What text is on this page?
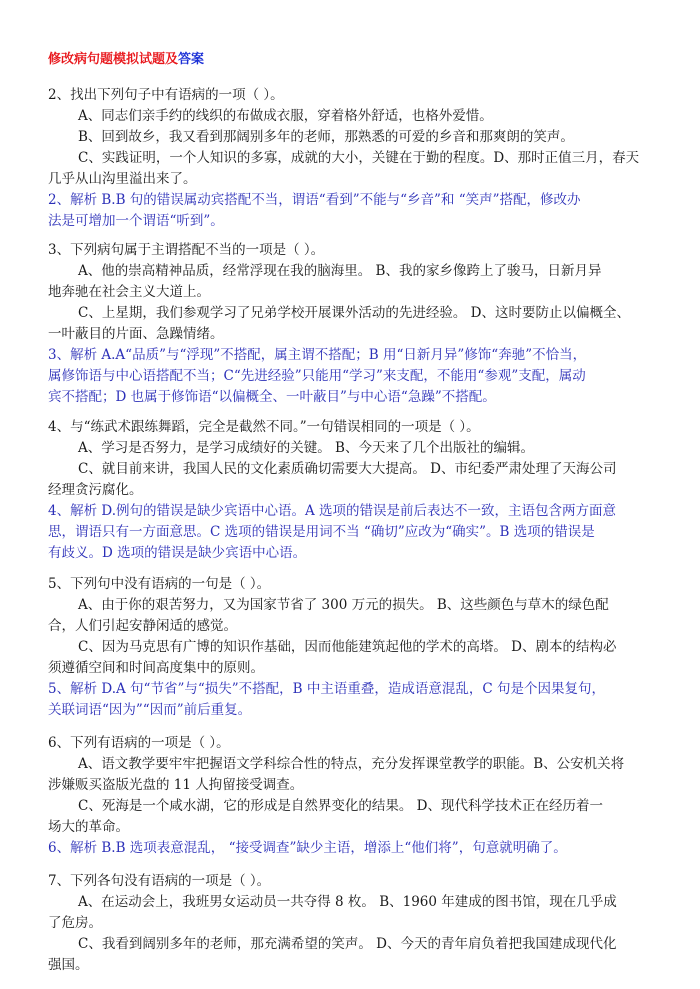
修改病句题模拟试题及答案
2、找出下列句子中有语病的一项（ ）。
A、同志们亲手约的线织的布做成衣服，穿着格外舒适，也格外爱惜。
B、回到故乡，我又看到那阔别多年的老师，那熟悉的可爱的乡音和那爽朗的笑声。
C、实践证明，一个人知识的多寡，成就的大小，关键在于勤的程度。D、那时正值三月，春天
几乎从山沟里溢出来了。
2、解析 B.B 句的错误属动宾搭配不当，谓语“看到”不能与“乡音”和 “笑声”搭配，修改办
法是可增加一个谓语“听到”。
3、下列病句属于主谓搭配不当的一项是（ ）。
A、他的崇高精神品质，经常浮现在我的脑海里。 B、我的家乡像跨上了骏马，日新月异
地奔驰在社会主义大道上。
C、上星期，我们参观学习了兄弟学校开展课外活动的先进经验。 D、这时要防止以偏概全、
一叶蔽目的片面、急躁情绪。
3、解析 A.A“品质”与“浮现”不搭配，属主谓不搭配；B 用“日新月异”修饰“奔驰”不恰当，
属修饰语与中心语搭配不当；C“先进经验”只能用“学习”来支配，不能用“参观”支配，属动
宾不搭配；D 也属于修饰语“以偏概全、一叶蔽目”与中心语“急躁”不搭配。
4、与“练武术跟练舞蹈，完全是截然不同。”一句错误相同的一项是（ ）。
A、学习是否努力，是学习成绩好的关键。 B、今天来了几个出版社的编辑。
C、就目前来讲，我国人民的文化素质确切需要大大提高。 D、市纪委严肃处理了天海公司
经理贪污腐化。
4、解析 D.例句的错误是缺少宾语中心语。A 选项的错误是前后表达不一致，主语包含两方面意
思，谓语只有一方面意思。C 选项的错误是用词不当 “确切”应改为“确实”。B 选项的错误是
有歧义。D 选项的错误是缺少宾语中心语。
5、下列句中没有语病的一句是（ ）。
A、由于你的艰苦努力，又为国家节省了 300 万元的损失。 B、这些颜色与草木的绿色配
合，人们引起安静闲适的感觉。
C、因为马克思有广博的知识作基础，因而他能建筑起他的学术的高塔。 D、剧本的结构必
须遵循空间和时间高度集中的原则。
5、解析 D.A 句“节省”与“损失”不搭配，B 中主语重叠，造成语意混乱，C 句是个因果复句，
关联词语“因为”“因而”前后重复。
6、下列有语病的一项是（ ）。
A、语文教学要牢牢把握语文学科综合性的特点，充分发挥课堂教学的职能。B、公安机关将
涉嫌贩买盗版光盘的 11 人拘留接受调查。
C、死海是一个咸水湖，它的形成是自然界变化的结果。 D、现代科学技术正在经历着一
场大的革命。
6、解析 B.B 选项表意混乱， “接受调查”缺少主语，增添上“他们将”，句意就明确了。
7、下列各句没有语病的一项是（ ）。
A、在运动会上，我班男女运动员一共夺得 8 枚。 B、1960 年建成的图书馆，现在几乎成
了危房。
C、我看到阔别多年的老师，那充满希望的笑声。 D、今天的青年肩负着把我国建成现代化
强国。
